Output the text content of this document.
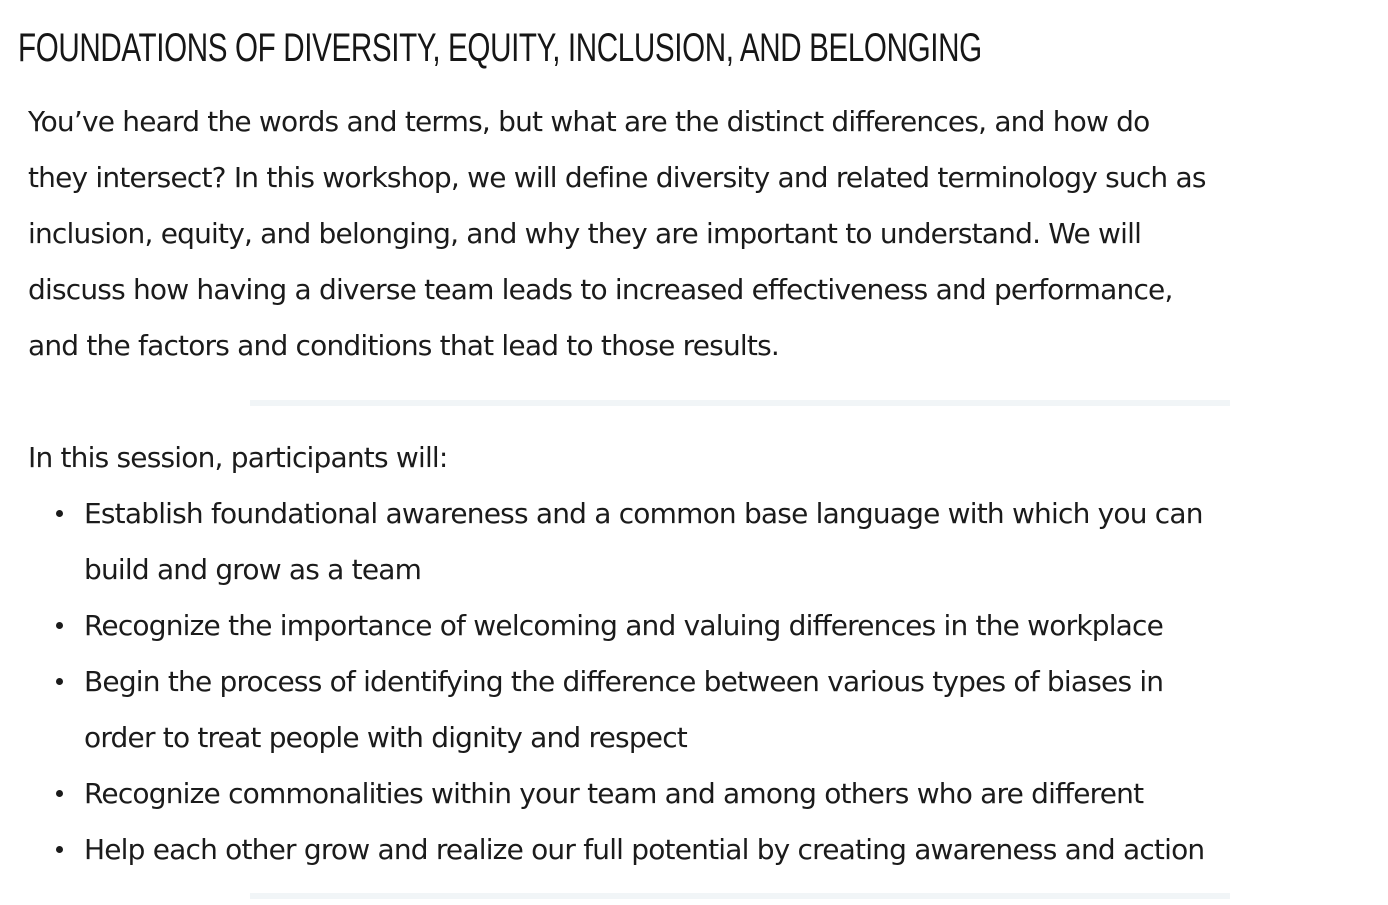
FOUNDATIONS OF DIVERSITY, EQUITY, INCLUSION, AND BELONGING

You’ve heard the words and terms, but what are the distinct differences, and how do
they intersect? In this workshop, we will define diversity and related terminology such as
inclusion, equity, and belonging, and why they are important to understand. We will
discuss how having a diverse team leads to increased effectiveness and performance,
and the factors and conditions that lead to those results.

In this session, participants will:

Establish foundational awareness and a common base language with which you can
build and grow as a team
Recognize the importance of welcoming and valuing differences in the workplace
Begin the process of identifying the difference between various types of biases in
order to treat people with dignity and respect
Recognize commonalities within your team and among others who are different
Help each other grow and realize our full potential by creating awareness and action
